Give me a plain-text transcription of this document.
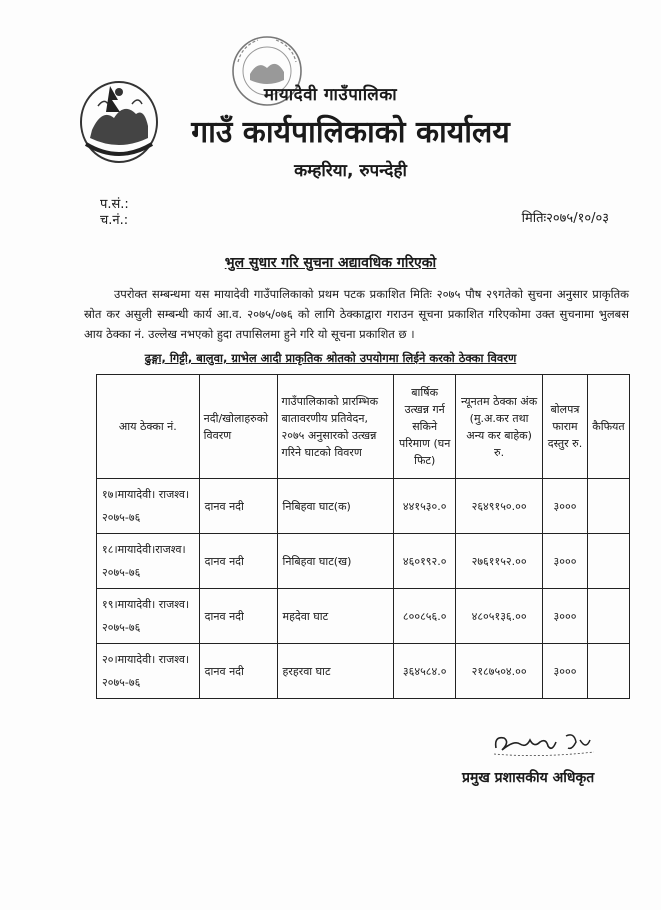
मायादेवी गाउँपालिका
गाउँ कार्यपालिकाको कार्यालय
कम्हरिया, रुपन्देही
प.सं.:
च.नं.:	मितिः२०७५/१०/०३
भुल सुधार गरि सुचना अद्यावधिक गरिएको
उपरोक्त सम्बन्धमा यस मायादेवी गाउँपालिकाको प्रथम पटक प्रकाशित मितिः २०७५ पौष २९गतेको सुचना अनुसार प्राकृतिक स्रोत कर असुली सम्बन्धी कार्य आ.व. २०७५/०७६ को लागि ठेक्काद्वारा गराउन सूचना प्रकाशित गरिएकोमा उक्त सुचनामा भुलबस आय ठेक्का नं. उल्लेख नभएको हुदा तपासिलमा हुने गरि यो सूचना प्रकाशित छ ।
ढुङ्गा, गिट्टी, बालुवा, ग्राभेल आदी प्राकृतिक श्रोतको उपयोगमा लिईने करको ठेक्का विवरण
आय ठेक्का नं.	नदी/खोलाहरुको विवरण	गाउँपालिकाको प्रारम्भिक बातावरणीय प्रतिवेदन, २०७५ अनुसारको उत्खन्न गरिने घाटको विवरण	बार्षिक उत्खन्न गर्न सकिने परिमाण (घन फिट)	न्यूनतम ठेक्का अंक (मु.अ.कर तथा अन्य कर बाहेक) रु.	बोलपत्र फाराम दस्तुर रु.	कैफियत
१७।मायादेवी। राजश्व।२०७५-७६	दानव नदी	निबिहवा घाट(क)	४४१५३०.०	२६४९१५०.००	३०००	
१८।मायादेवी।राजश्व। २०७५-७६	दानव नदी	निबिहवा घाट(ख)	४६०१९२.०	२७६११५२.००	३०००	
१९।मायादेवी। राजश्व।२०७५-७६	दानव नदी	महदेवा घाट	८००८५६.०	४८०५१३६.००	३०००	
२०।मायादेवी। राजश्व।२०७५-७६	दानव नदी	हरहरवा घाट	३६४५८४.०	२१८७५०४.००	३०००	
प्रमुख प्रशासकीय अधिकृत
